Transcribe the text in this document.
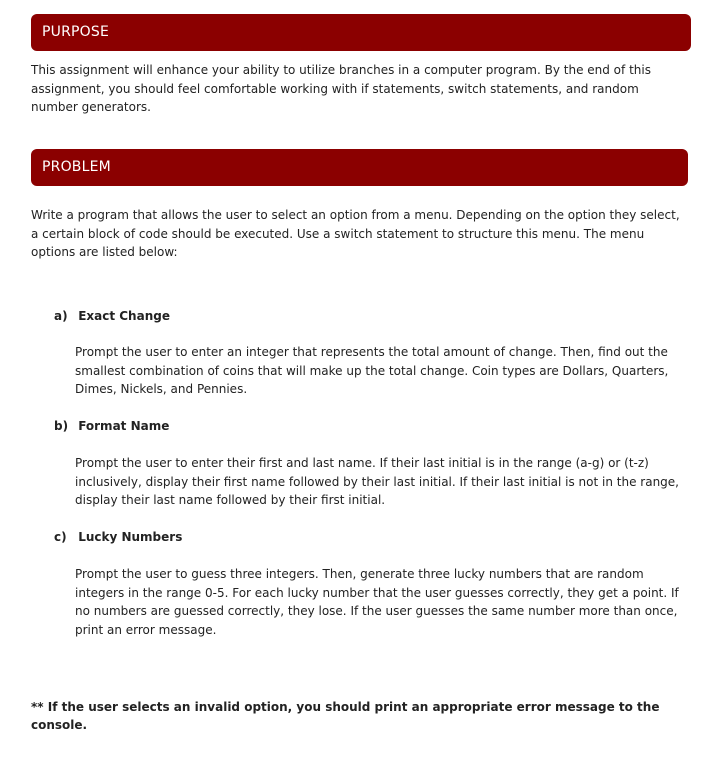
PURPOSE

This assignment will enhance your ability to utilize branches in a computer program. By the end of this assignment, you should feel comfortable working with if statements, switch statements, and random number generators.

PROBLEM

Write a program that allows the user to select an option from a menu. Depending on the option they select, a certain block of code should be executed. Use a switch statement to structure this menu. The menu options are listed below:

a) Exact Change

Prompt the user to enter an integer that represents the total amount of change. Then, find out the smallest combination of coins that will make up the total change. Coin types are Dollars, Quarters, Dimes, Nickels, and Pennies.

b) Format Name

Prompt the user to enter their first and last name. If their last initial is in the range (a-g) or (t-z) inclusively, display their first name followed by their last initial. If their last initial is not in the range, display their last name followed by their first initial.

c) Lucky Numbers

Prompt the user to guess three integers. Then, generate three lucky numbers that are random integers in the range 0-5. For each lucky number that the user guesses correctly, they get a point. If no numbers are guessed correctly, they lose. If the user guesses the same number more than once, print an error message.

** If the user selects an invalid option, you should print an appropriate error message to the console.
